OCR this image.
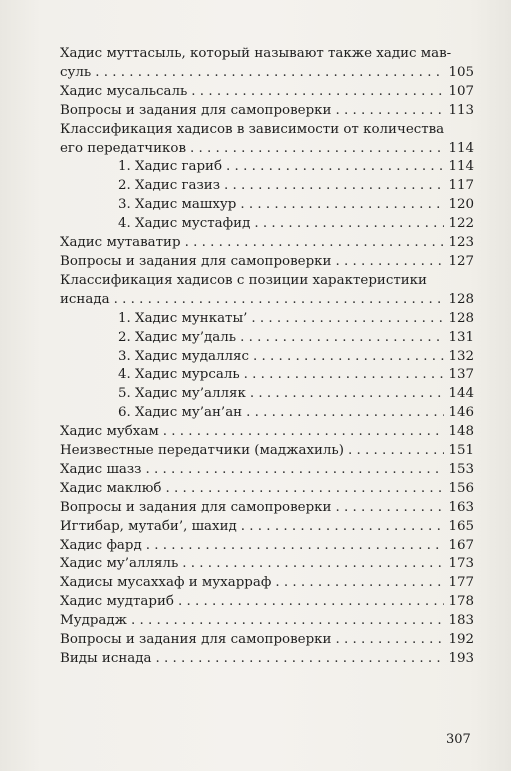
Хадис муттасыль, который называют также хадис мав-
суль . . .	105
Хадис мусальсаль . . .	107
Вопросы и задания для самопроверки . . .	113
Классификация хадисов в зависимости от количества
его передатчиков . . .	114
1. Хадис гариб . . .	114
2. Хадис газиз . . .	117
3. Хадис машхур . . .	120
4. Хадис мустафид . . .	122
Хадис мутаватир . . .	123
Вопросы и задания для самопроверки . . .	127
Классификация хадисов с позиции характеристики
иснада . . .	128
1. Хадис мункаты’ . . .	128
2. Хадис му’даль . . .	131
3. Хадис мудалляс . . .	132
4. Хадис мурсаль . . .	137
5. Хадис му’алляк . . .	144
6. Хадис му’ан’ан . . .	146
Хадис мубхам . . .	148
Неизвестные передатчики (маджахиль) . . .	151
Хадис шазз . . .	153
Хадис маклюб . . .	156
Вопросы и задания для самопроверки . . .	163
Игтибар, мутаби’, шахид . . .	165
Хадис фард . . .	167
Хадис му’алляль . . .	173
Хадисы мусаххаф и мухарраф . . .	177
Хадис мудтариб . . .	178
Мудрадж . . .	183
Вопросы и задания для самопроверки . . .	192
Виды иснада . . .	193
307
